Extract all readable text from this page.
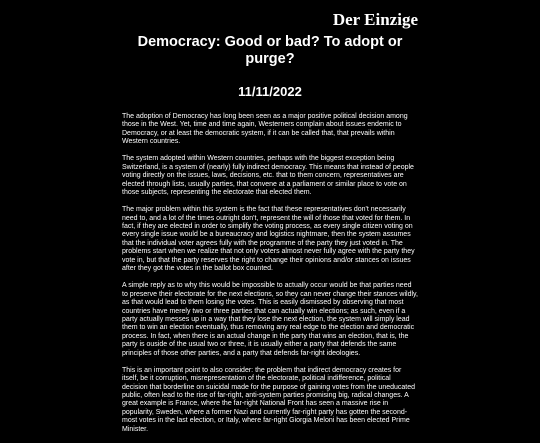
Der Einzige
Democracy: Good or bad? To adopt or purge?
11/11/2022

The adoption of Democracy has long been seen as a major positive political decision among those in the West. Yet, time and time again, Westerners complain about issues endemic to Democracy, or at least the democratic system, if it can be called that, that prevails within Western countries.

The system adopted within Western countries, perhaps with the biggest exception being Switzerland, is a system of (nearly) fully indirect democracy. This means that instead of people voting directly on the issues, laws, decisions, etc. that to them concern, representatives are elected through lists, usually parties, that convene at a parliament or similar place to vote on those subjects, representing the electorate that elected them.

The major problem within this system is the fact that these representatives don't necessarily need to, and a lot of the times outright don't, represent the will of those that voted for them. In fact, if they are elected in order to simplify the voting process, as every single citizen voting on every single issue would be a bureaucracy and logistics nightmare, then the system assumes that the individual voter agrees fully with the programme of the party they just voted in. The problems start when we realize that not only voters almost never fully agree with the party they vote in, but that the party reserves the right to change their opinions and/or stances on issues after they got the votes in the ballot box counted.

A simple reply as to why this would be impossible to actually occur would be that parties need to preserve their electorate for the next elections, so they can never change their stances wildly, as that would lead to them losing the votes. This is easily dismissed by observing that most countries have merely two or three parties that can actually win elections; as such, even if a party actually messes up in a way that they lose the next election, the system will simply lead them to win an election eventually, thus removing any real edge to the election and democratic process. In fact, when there is an actual change in the party that wins an election, that is, the party is ouside of the usual two or three, it is usually either a party that defends the same principles of those other parties, and a party that defends far-right ideologies.

This is an important point to also consider: the problem that indirect democracy creates for itself, be it corruption, misrepresentation of the electorate, political indifference, political decision that borderline on suicidal made for the purpose of gaining votes from the uneducated public, often lead to the rise of far-right, anti-system parties promising big, radical changes. A great example is France, where the far-right National Front has seen a massive rise in popularity, Sweden, where a former Nazi and currently far-right party has gotten the second-most votes in the last election, or Italy, where far-right Giorgia Meloni has been elected Prime Minister.
